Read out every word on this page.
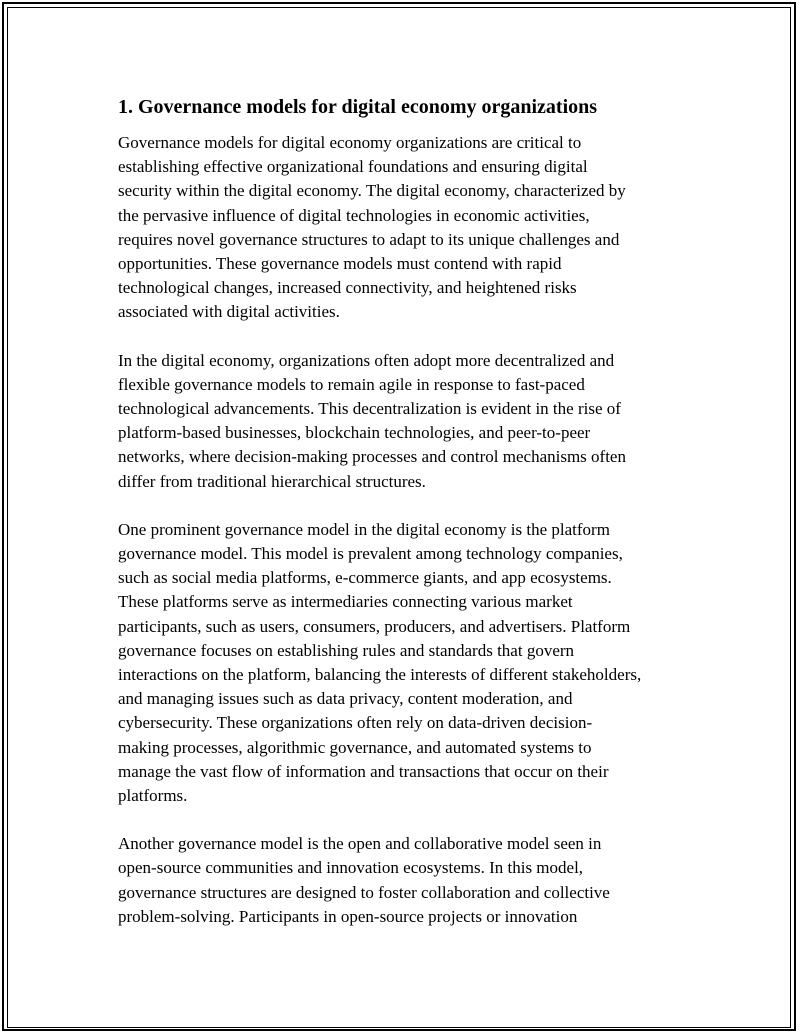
1. Governance models for digital economy organizations

Governance models for digital economy organizations are critical to
establishing effective organizational foundations and ensuring digital
security within the digital economy. The digital economy, characterized by
the pervasive influence of digital technologies in economic activities,
requires novel governance structures to adapt to its unique challenges and
opportunities. These governance models must contend with rapid
technological changes, increased connectivity, and heightened risks
associated with digital activities.

In the digital economy, organizations often adopt more decentralized and
flexible governance models to remain agile in response to fast-paced
technological advancements. This decentralization is evident in the rise of
platform-based businesses, blockchain technologies, and peer-to-peer
networks, where decision-making processes and control mechanisms often
differ from traditional hierarchical structures.

One prominent governance model in the digital economy is the platform
governance model. This model is prevalent among technology companies,
such as social media platforms, e-commerce giants, and app ecosystems.
These platforms serve as intermediaries connecting various market
participants, such as users, consumers, producers, and advertisers. Platform
governance focuses on establishing rules and standards that govern
interactions on the platform, balancing the interests of different stakeholders,
and managing issues such as data privacy, content moderation, and
cybersecurity. These organizations often rely on data-driven decision-
making processes, algorithmic governance, and automated systems to
manage the vast flow of information and transactions that occur on their
platforms.

Another governance model is the open and collaborative model seen in
open-source communities and innovation ecosystems. In this model,
governance structures are designed to foster collaboration and collective
problem-solving. Participants in open-source projects or innovation
